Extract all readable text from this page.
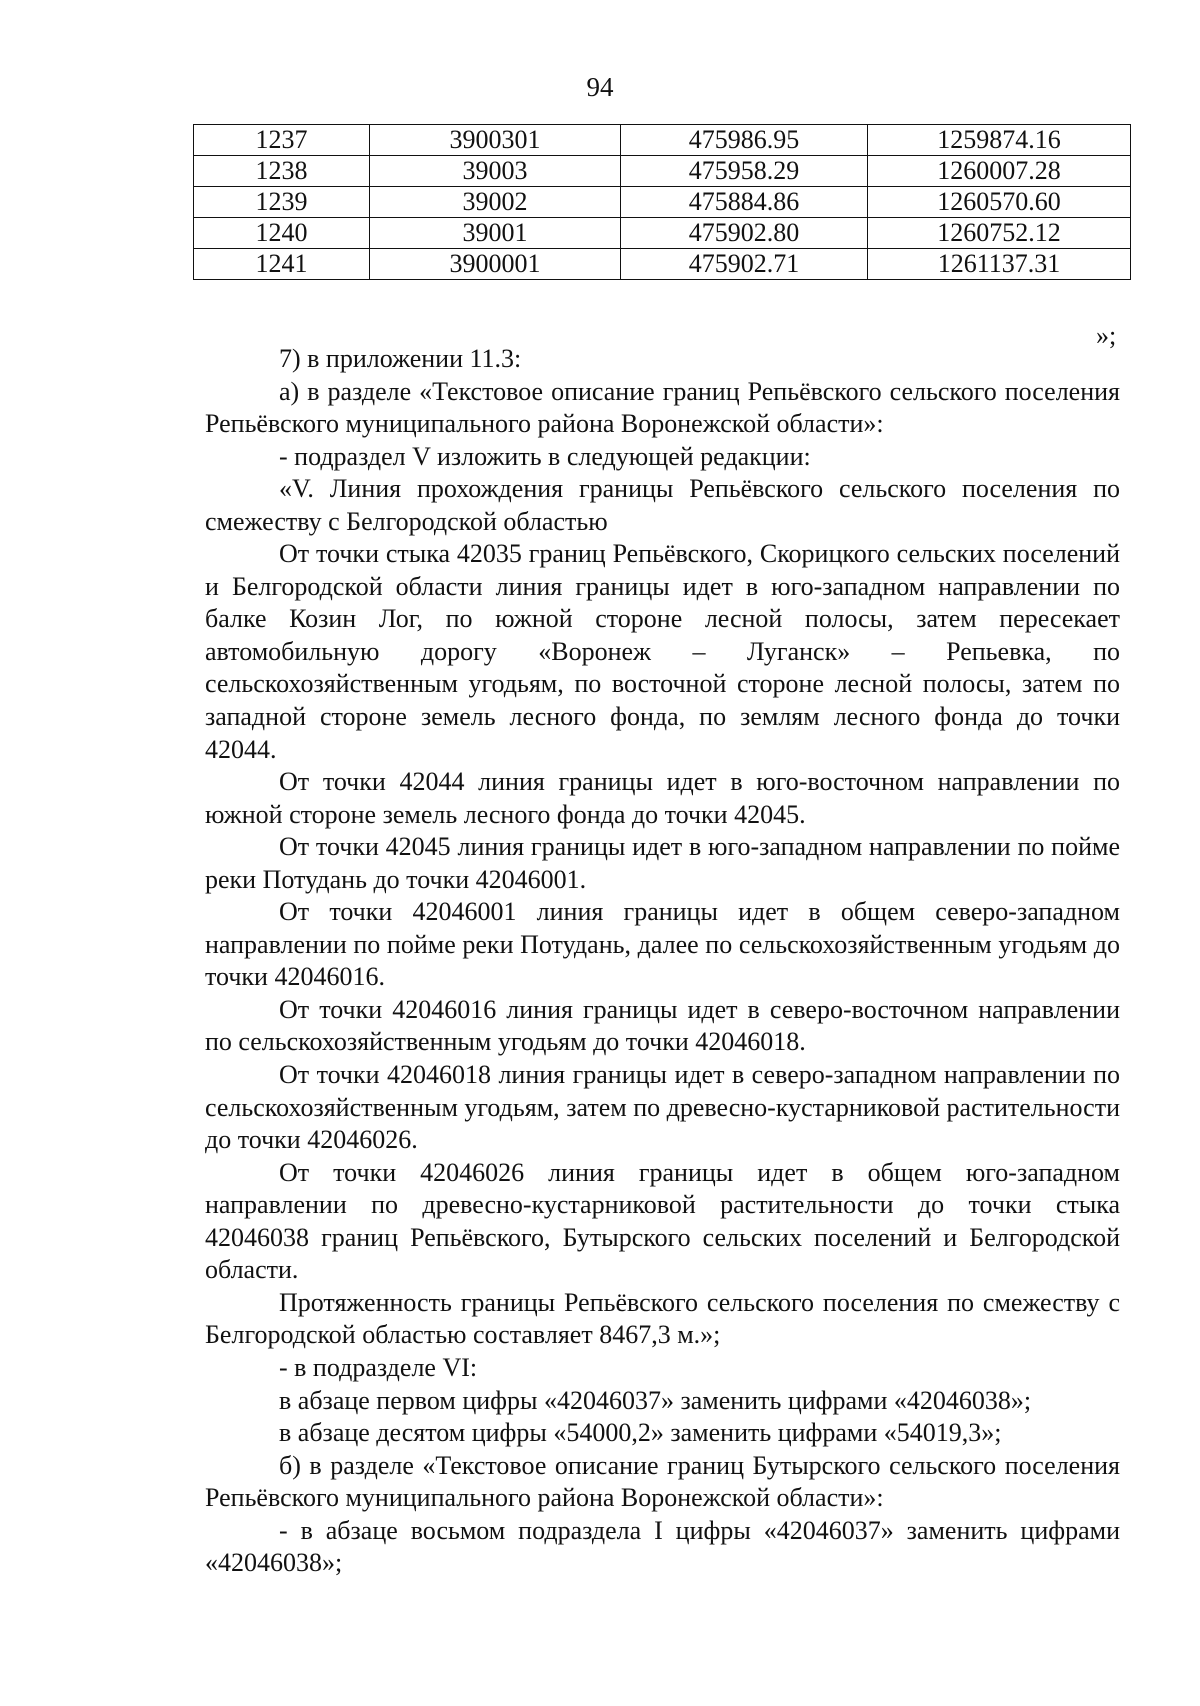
94
1237	3900301	475986.95	1259874.16
1238	39003	475958.29	1260007.28
1239	39002	475884.86	1260570.60
1240	39001	475902.80	1260752.12
1241	3900001	475902.71	1261137.31
»;

7) в приложении 11.3:

а) в разделе «Текстовое описание границ Репьёвского сельского поселения Репьёвского муниципального района Воронежской области»:

- подраздел V изложить в следующей редакции:

«V. Линия прохождения границы Репьёвского сельского поселения по смежеству с Белгородской областью

От точки стыка 42035 границ Репьёвского, Скорицкого сельских поселений и Белгородской области линия границы идет в юго-западном направлении по балке Козин Лог, по южной стороне лесной полосы, затем пересекает автомобильную дорогу «Воронеж – Луганск» – Репьевка, по сельскохозяйственным угодьям, по восточной стороне лесной полосы, затем по западной стороне земель лесного фонда, по землям лесного фонда до точки 42044.

От точки 42044 линия границы идет в юго-восточном направлении по южной стороне земель лесного фонда до точки 42045.

От точки 42045 линия границы идет в юго-западном направлении по пойме реки Потудань до точки 42046001.

От точки 42046001 линия границы идет в общем северо-западном направлении по пойме реки Потудань, далее по сельскохозяйственным угодьям до точки 42046016.

От точки 42046016 линия границы идет в северо-восточном направлении по сельскохозяйственным угодьям до точки 42046018.

От точки 42046018 линия границы идет в северо-западном направлении по сельскохозяйственным угодьям, затем по древесно-кустарниковой растительности до точки 42046026.

От точки 42046026 линия границы идет в общем юго-западном направлении по древесно-кустарниковой растительности до точки стыка 42046038 границ Репьёвского, Бутырского сельских поселений и Белгородской области.

Протяженность границы Репьёвского сельского поселения по смежеству с Белгородской областью составляет 8467,3 м.»;

- в подразделе VI:

в абзаце первом цифры «42046037» заменить цифрами «42046038»;

в абзаце десятом цифры «54000,2» заменить цифрами «54019,3»;

б) в разделе «Текстовое описание границ Бутырского сельского поселения Репьёвского муниципального района Воронежской области»:

- в абзаце восьмом подраздела I цифры «42046037» заменить цифрами «42046038»;
